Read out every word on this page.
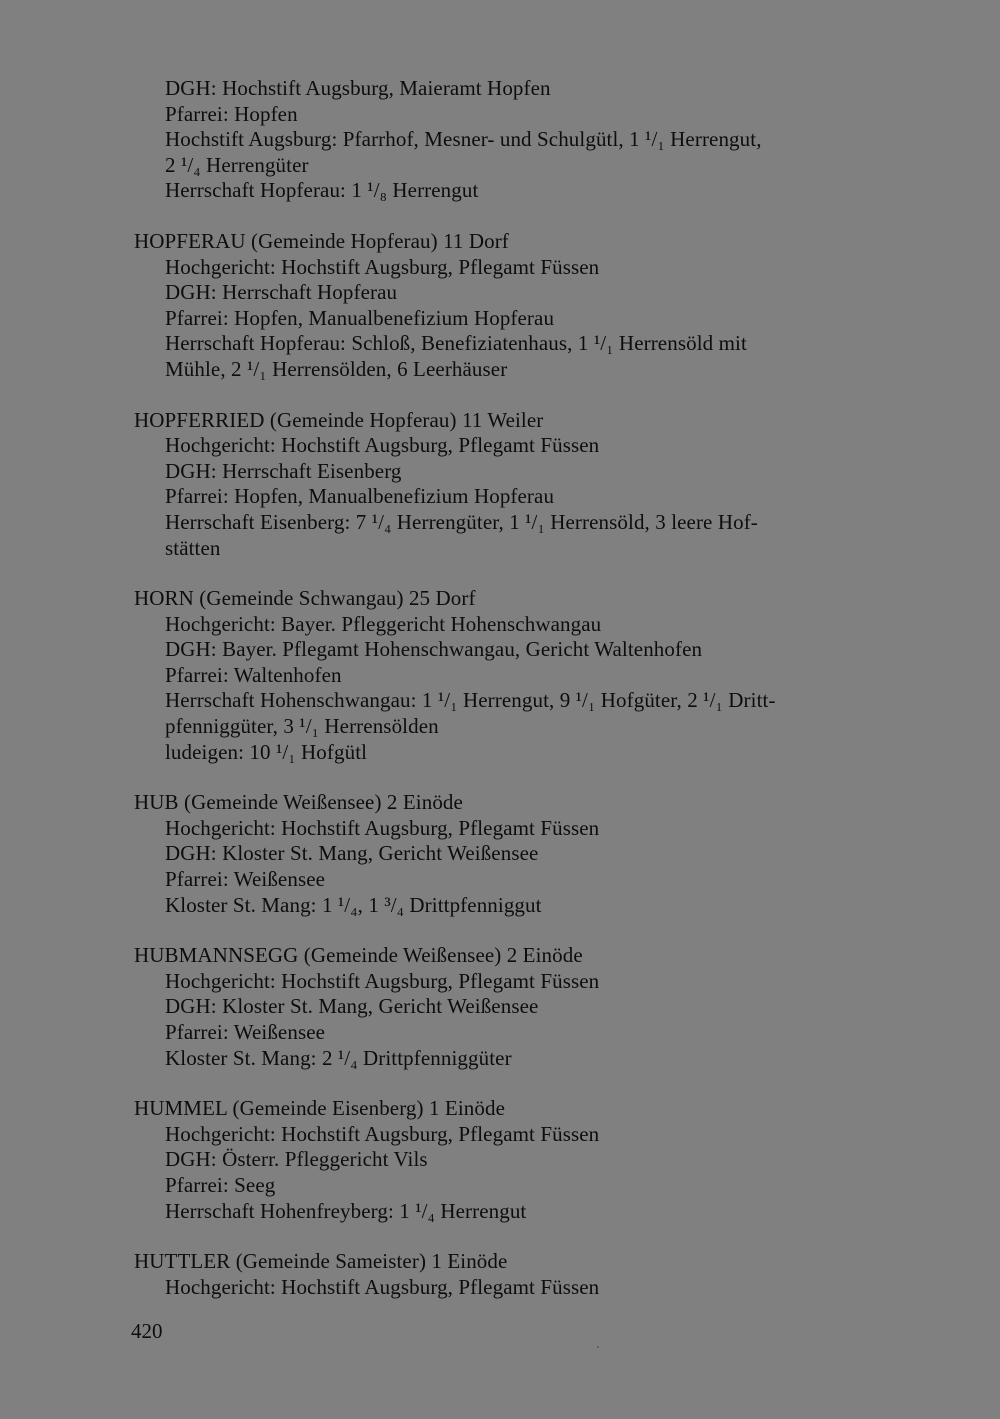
DGH: Hochstift Augsburg, Maieramt Hopfen
Pfarrei: Hopfen
Hochstift Augsburg: Pfarrhof, Mesner- und Schulgütl, 1 ¹/₁ Herrengut,
2 ¹/₄ Herrengüter
Herrschaft Hopferau: 1 ¹/₈ Herrengut
HOPFERAU (Gemeinde Hopferau) 11 Dorf
Hochgericht: Hochstift Augsburg, Pflegamt Füssen
DGH: Herrschaft Hopferau
Pfarrei: Hopfen, Manualbenefizium Hopferau
Herrschaft Hopferau: Schloß, Benefiziatenhaus, 1 ¹/₁ Herrensöld mit
Mühle, 2 ¹/₁ Herrensölden, 6 Leerhäuser
HOPFERRIED (Gemeinde Hopferau) 11 Weiler
Hochgericht: Hochstift Augsburg, Pflegamt Füssen
DGH: Herrschaft Eisenberg
Pfarrei: Hopfen, Manualbenefizium Hopferau
Herrschaft Eisenberg: 7 ¹/₄ Herrengüter, 1 ¹/₁ Herrensöld, 3 leere Hof-
stätten
HORN (Gemeinde Schwangau) 25 Dorf
Hochgericht: Bayer. Pfleggericht Hohenschwangau
DGH: Bayer. Pflegamt Hohenschwangau, Gericht Waltenhofen
Pfarrei: Waltenhofen
Herrschaft Hohenschwangau: 1 ¹/₁ Herrengut, 9 ¹/₁ Hofgüter, 2 ¹/₁ Dritt-
pfenniggüter, 3 ¹/₁ Herrensölden
ludeigen: 10 ¹/₁ Hofgütl
HUB (Gemeinde Weißensee) 2 Einöde
Hochgericht: Hochstift Augsburg, Pflegamt Füssen
DGH: Kloster St. Mang, Gericht Weißensee
Pfarrei: Weißensee
Kloster St. Mang: 1 ¹/₄, 1 ³/₄ Drittpfenniggut
HUBMANNSEGG (Gemeinde Weißensee) 2 Einöde
Hochgericht: Hochstift Augsburg, Pflegamt Füssen
DGH: Kloster St. Mang, Gericht Weißensee
Pfarrei: Weißensee
Kloster St. Mang: 2 ¹/₄ Drittpfenniggüter
HUMMEL (Gemeinde Eisenberg) 1 Einöde
Hochgericht: Hochstift Augsburg, Pflegamt Füssen
DGH: Österr. Pfleggericht Vils
Pfarrei: Seeg
Herrschaft Hohenfreyberg: 1 ¹/₄ Herrengut
HUTTLER (Gemeinde Sameister) 1 Einöde
Hochgericht: Hochstift Augsburg, Pflegamt Füssen
420
